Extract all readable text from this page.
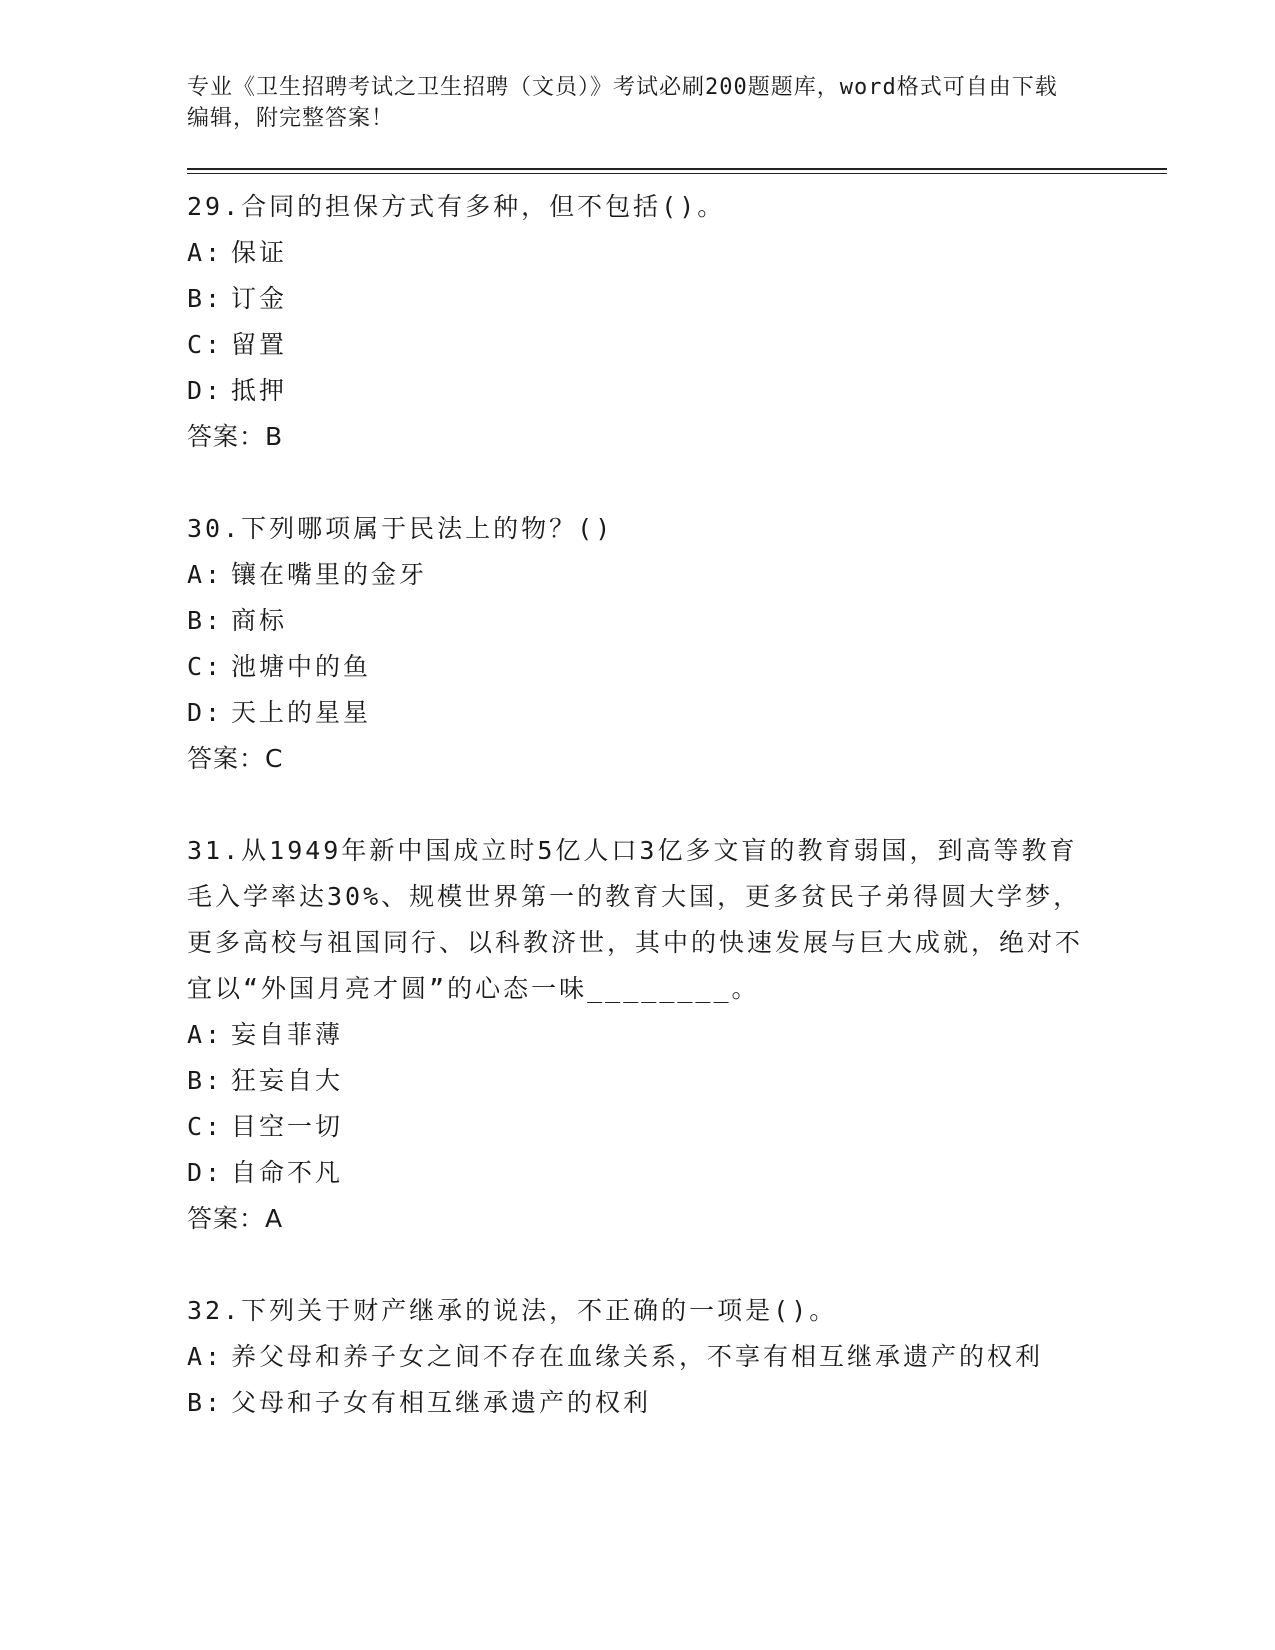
专业《卫生招聘考试之卫生招聘（文员）》考试必刷200题题库，word格式可自由下载编辑，附完整答案！

29.合同的担保方式有多种，但不包括()。

A: 保证

B: 订金

C: 留置

D: 抵押

答案：B

30.下列哪项属于民法上的物？()

A: 镶在嘴里的金牙

B: 商标

C: 池塘中的鱼

D: 天上的星星

答案：C

31.从1949年新中国成立时5亿人口3亿多文盲的教育弱国，到高等教育毛入学率达30%、规模世界第一的教育大国，更多贫民子弟得圆大学梦，更多高校与祖国同行、以科教济世，其中的快速发展与巨大成就，绝对不宜以“外国月亮才圆”的心态一味________。

A: 妄自菲薄

B: 狂妄自大

C: 目空一切

D: 自命不凡

答案：A

32.下列关于财产继承的说法，不正确的一项是()。

A: 养父母和养子女之间不存在血缘关系，不享有相互继承遗产的权利

B: 父母和子女有相互继承遗产的权利
